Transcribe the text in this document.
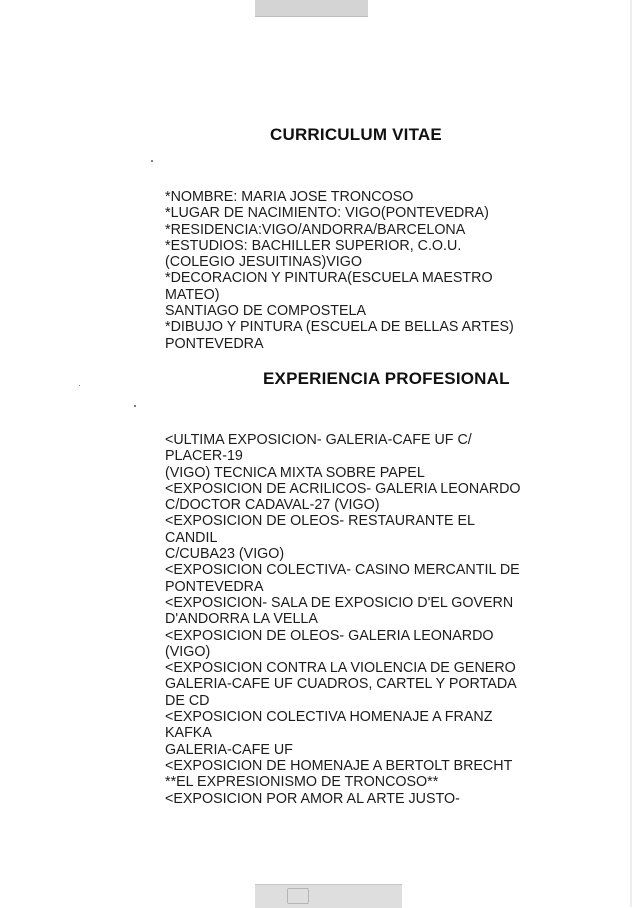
CURRICULUM VITAE
*NOMBRE: MARIA JOSE TRONCOSO
*LUGAR DE NACIMIENTO: VIGO(PONTEVEDRA)
*RESIDENCIA:VIGO/ANDORRA/BARCELONA
*ESTUDIOS: BACHILLER SUPERIOR, C.O.U.
(COLEGIO JESUITINAS)VIGO
*DECORACION Y PINTURA(ESCUELA MAESTRO
MATEO)
SANTIAGO DE COMPOSTELA
*DIBUJO Y PINTURA (ESCUELA DE BELLAS ARTES)
PONTEVEDRA
EXPERIENCIA PROFESIONAL
<ULTIMA EXPOSICION- GALERIA-CAFE UF C/
PLACER-19
(VIGO) TECNICA MIXTA SOBRE PAPEL
<EXPOSICION DE ACRILICOS- GALERIA LEONARDO
C/DOCTOR CADAVAL-27 (VIGO)
<EXPOSICION DE OLEOS- RESTAURANTE EL
CANDIL
C/CUBA23 (VIGO)
<EXPOSICION COLECTIVA- CASINO MERCANTIL DE
PONTEVEDRA
<EXPOSICION- SALA DE EXPOSICIO D'EL GOVERN
D'ANDORRA LA VELLA
<EXPOSICION DE OLEOS- GALERIA LEONARDO
(VIGO)
<EXPOSICION CONTRA LA VIOLENCIA DE GENERO
GALERIA-CAFE UF CUADROS, CARTEL Y PORTADA
DE CD
<EXPOSICION COLECTIVA HOMENAJE A FRANZ
KAFKA
GALERIA-CAFE UF
<EXPOSICION DE HOMENAJE A BERTOLT BRECHT
**EL EXPRESIONISMO DE TRONCOSO**
<EXPOSICION POR AMOR AL ARTE JUSTO-
